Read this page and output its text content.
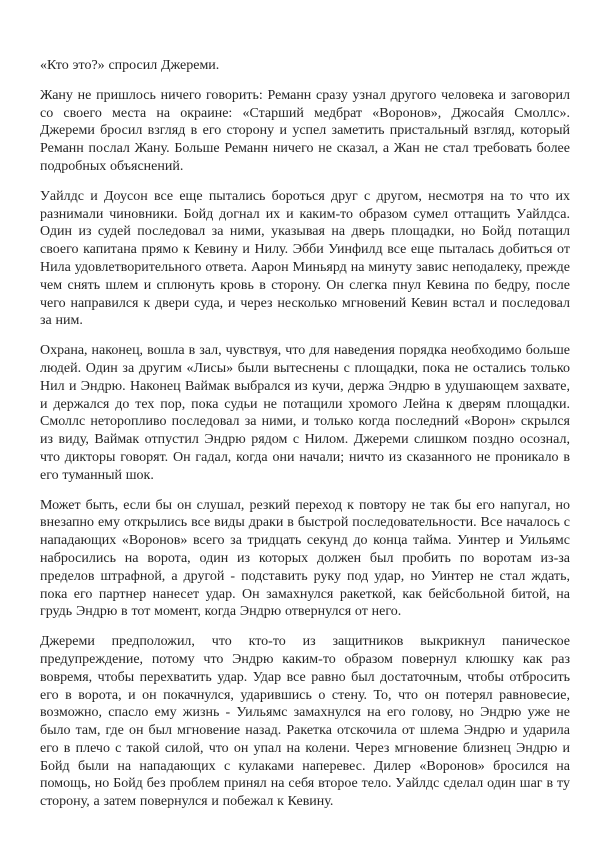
«Кто это?» спросил Джереми.

Жану не пришлось ничего говорить: Реманн сразу узнал другого человека и заговорил со своего места на окраине: «Старший медбрат «Воронов», Джосайя Смоллс». Джереми бросил взгляд в его сторону и успел заметить пристальный взгляд, который Реманн послал Жану. Больше Реманн ничего не сказал, а Жан не стал требовать более подробных объяснений.

Уайлдс и Доусон все еще пытались бороться друг с другом, несмотря на то что их разнимали чиновники. Бойд догнал их и каким-то образом сумел оттащить Уайлдса. Один из судей последовал за ними, указывая на дверь площадки, но Бойд потащил своего капитана прямо к Кевину и Нилу. Эбби Уинфилд все еще пыталась добиться от Нила удовлетворительного ответа. Аарон Миньярд на минуту завис неподалеку, прежде чем снять шлем и сплюнуть кровь в сторону. Он слегка пнул Кевина по бедру, после чего направился к двери суда, и через несколько мгновений Кевин встал и последовал за ним.

Охрана, наконец, вошла в зал, чувствуя, что для наведения порядка необходимо больше людей. Один за другим «Лисы» были вытеснены с площадки, пока не остались только Нил и Эндрю. Наконец Ваймак выбрался из кучи, держа Эндрю в удушающем захвате, и держался до тех пор, пока судьи не потащили хромого Лейна к дверям площадки. Смоллс неторопливо последовал за ними, и только когда последний «Ворон» скрылся из виду, Ваймак отпустил Эндрю рядом с Нилом. Джереми слишком поздно осознал, что дикторы говорят. Он гадал, когда они начали; ничто из сказанного не проникало в его туманный шок.

Может быть, если бы он слушал, резкий переход к повтору не так бы его напугал, но внезапно ему открылись все виды драки в быстрой последовательности. Все началось с нападающих «Воронов» всего за тридцать секунд до конца тайма. Уинтер и Уильямс набросились на ворота, один из которых должен был пробить по воротам из-за пределов штрафной, а другой - подставить руку под удар, но Уинтер не стал ждать, пока его партнер нанесет удар. Он замахнулся ракеткой, как бейсбольной битой, на грудь Эндрю в тот момент, когда Эндрю отвернулся от него.

Джереми предположил, что кто-то из защитников выкрикнул паническое предупреждение, потому что Эндрю каким-то образом повернул клюшку как раз вовремя, чтобы перехватить удар. Удар все равно был достаточным, чтобы отбросить его в ворота, и он покачнулся, ударившись о стену. То, что он потерял равновесие, возможно, спасло ему жизнь - Уильямс замахнулся на его голову, но Эндрю уже не было там, где он был мгновение назад. Ракетка отскочила от шлема Эндрю и ударила его в плечо с такой силой, что он упал на колени. Через мгновение близнец Эндрю и Бойд были на нападающих с кулаками наперевес. Дилер «Воронов» бросился на помощь, но Бойд без проблем принял на себя второе тело. Уайлдс сделал один шаг в ту сторону, а затем повернулся и побежал к Кевину.
